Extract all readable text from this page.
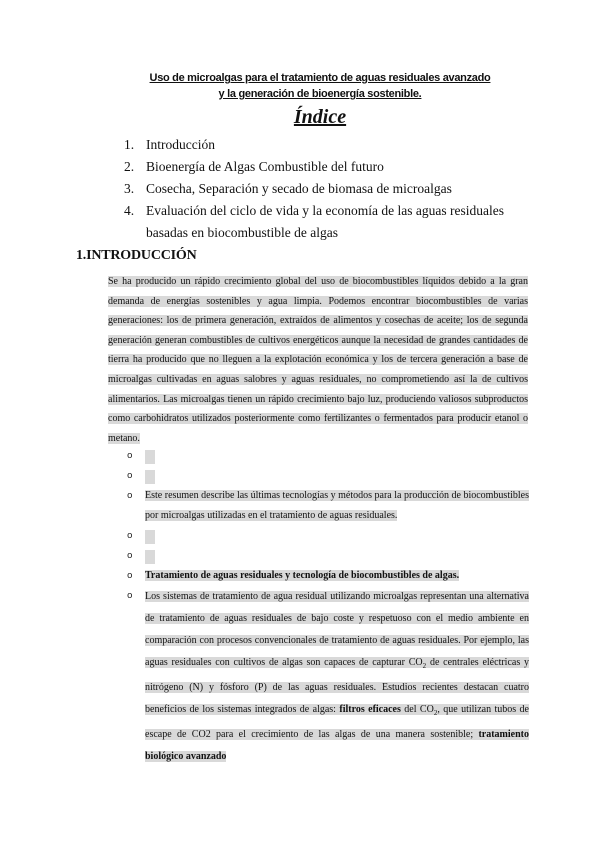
Uso de microalgas para el tratamiento de aguas residuales avanzado
y la generación de bioenergía sostenible.
Índice
1. Introducción
2. Bioenergía de Algas Combustible del futuro
3. Cosecha, Separación y secado de biomasa de microalgas
4. Evaluación del ciclo de vida y la economía de las aguas residuales
basadas en biocombustible de algas
1.INTRODUCCIÓN
Se ha producido un rápido crecimiento global del uso de biocombustibles líquidos debido a la gran demanda de energías sostenibles y agua limpia. Podemos encontrar biocombustibles de varias generaciones: los de primera generación, extraídos de alimentos y cosechas de aceite; los de segunda generación generan combustibles de cultivos energéticos aunque la necesidad de grandes cantidades de tierra ha producido que no lleguen a la explotación económica y los de tercera generación a base de microalgas cultivadas en aguas salobres y aguas residuales, no comprometiendo así la de cultivos alimentarios. Las microalgas tienen un rápido crecimiento bajo luz, produciendo valiosos subproductos como carbohidratos utilizados posteriormente como fertilizantes o fermentados para producir etanol o metano.
o
o
o Este resumen describe las últimas tecnologías y métodos para la producción de biocombustibles por microalgas utilizadas en el tratamiento de aguas residuales.
o
o
o Tratamiento de aguas residuales y tecnología de biocombustibles de algas.
o Los sistemas de tratamiento de agua residual utilizando microalgas representan una alternativa de tratamiento de aguas residuales de bajo coste y respetuoso con el medio ambiente en comparación con procesos convencionales de tratamiento de aguas residuales. Por ejemplo, las aguas residuales con cultivos de algas son capaces de capturar $CO_2$ de centrales eléctricas y nitrógeno (N) y fósforo (P) de las aguas residuales. Estudios recientes destacan cuatro beneficios de los sistemas integrados de algas: filtros eficaces del $CO_2$, que utilizan tubos de escape de CO2 para el crecimiento de las algas de una manera sostenible; tratamiento biológico avanzado
